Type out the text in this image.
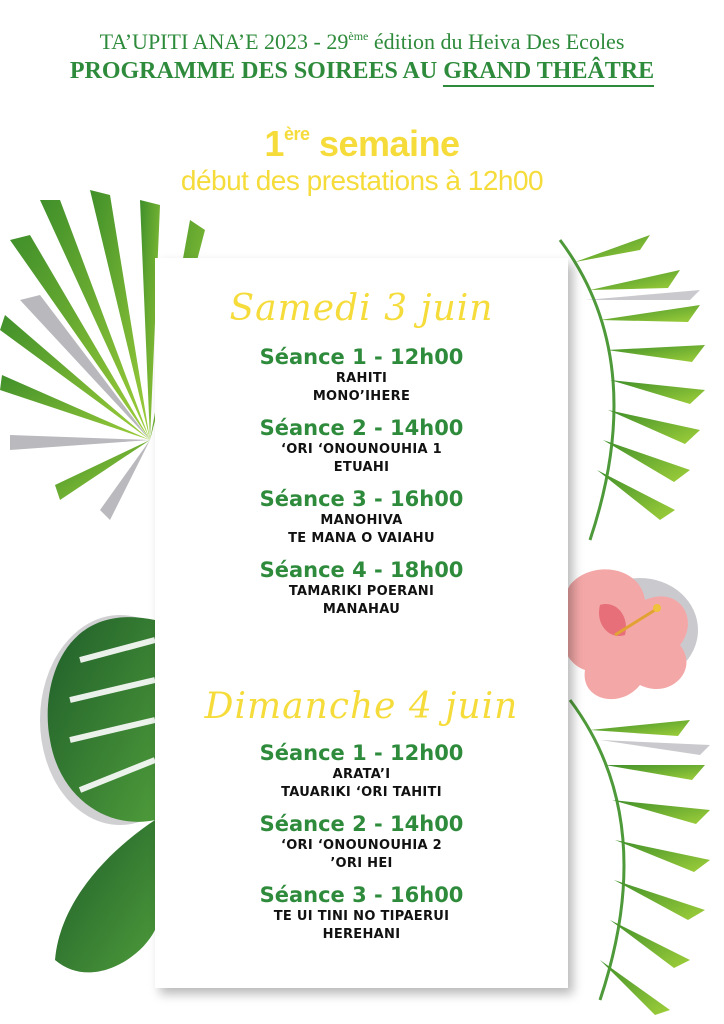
TA’UPITI ANA’E 2023 - 29ème édition du Heiva Des Ecoles
PROGRAMME DES SOIREES AU GRAND THEÂTRE
1ère semaine
début des prestations à 12h00
Samedi 3 juin
Séance 1 - 12h00
RAHITI
MONO’IHERE
Séance 2 - 14h00
‘ORI ‘ONOUNOUHIA 1
ETUAHI
Séance 3 - 16h00
MANOHIVA
TE MANA O VAIAHU
Séance 4 - 18h00
TAMARIKI POERANI
MANAHAU
Dimanche 4 juin
Séance 1 - 12h00
ARATA’I
TAUARIKI ‘ORI TAHITI
Séance 2 - 14h00
‘ORI ‘ONOUNOUHIA 2
’ORI HEI
Séance 3 - 16h00
TE UI TINI NO TIPAERUI
HEREHANI
